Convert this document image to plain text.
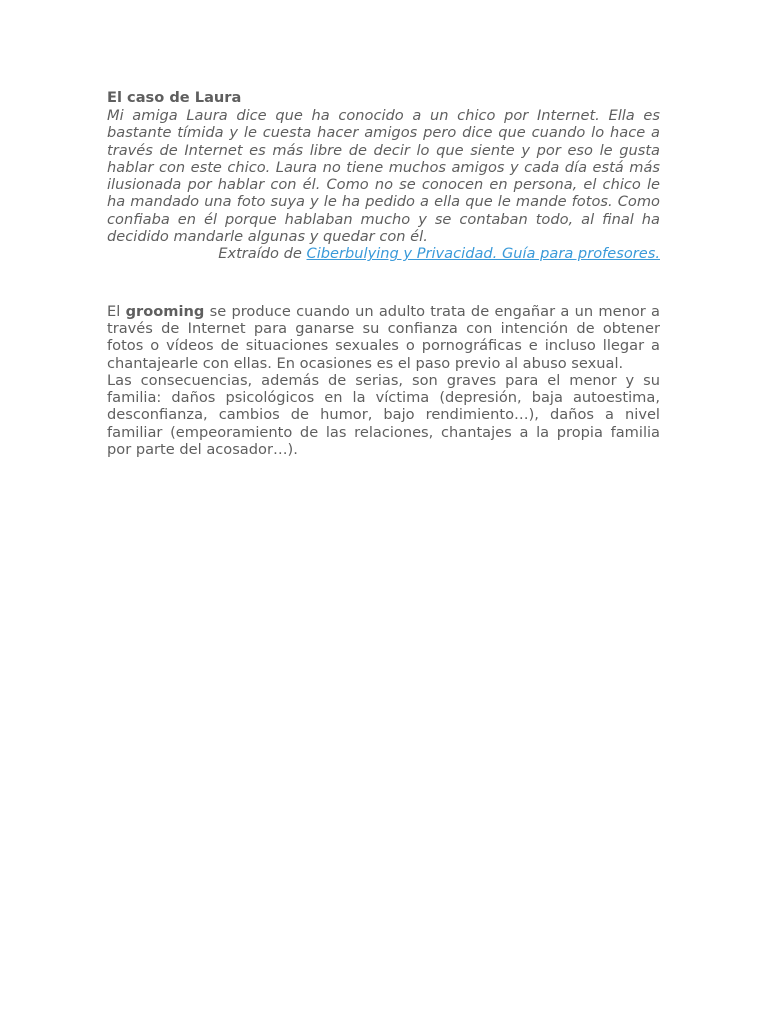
El caso de Laura

Mi amiga Laura dice que ha conocido a un chico por Internet. Ella es bastante tímida y le cuesta hacer amigos pero dice que cuando lo hace a través de Internet es más libre de decir lo que siente y por eso le gusta hablar con este chico. Laura no tiene muchos amigos y cada día está más ilusionada por hablar con él. Como no se conocen en persona, el chico le ha mandado una foto suya y le ha pedido a ella que le mande fotos. Como confiaba en él porque hablaban mucho y se contaban todo, al final ha decidido mandarle algunas y quedar con él.

Extraído de Ciberbulying y Privacidad. Guía para profesores.

El grooming se produce cuando un adulto trata de engañar a un menor a través de Internet para ganarse su confianza con intención de obtener fotos o vídeos de situaciones sexuales o pornográficas e incluso llegar a chantajearle con ellas. En ocasiones es el paso previo al abuso sexual.

Las consecuencias, además de serias, son graves para el menor y su familia: daños psicológicos en la víctima (depresión, baja autoestima, desconfianza, cambios de humor, bajo rendimiento…), daños a nivel familiar (empeoramiento de las relaciones, chantajes a la propia familia por parte del acosador…).
